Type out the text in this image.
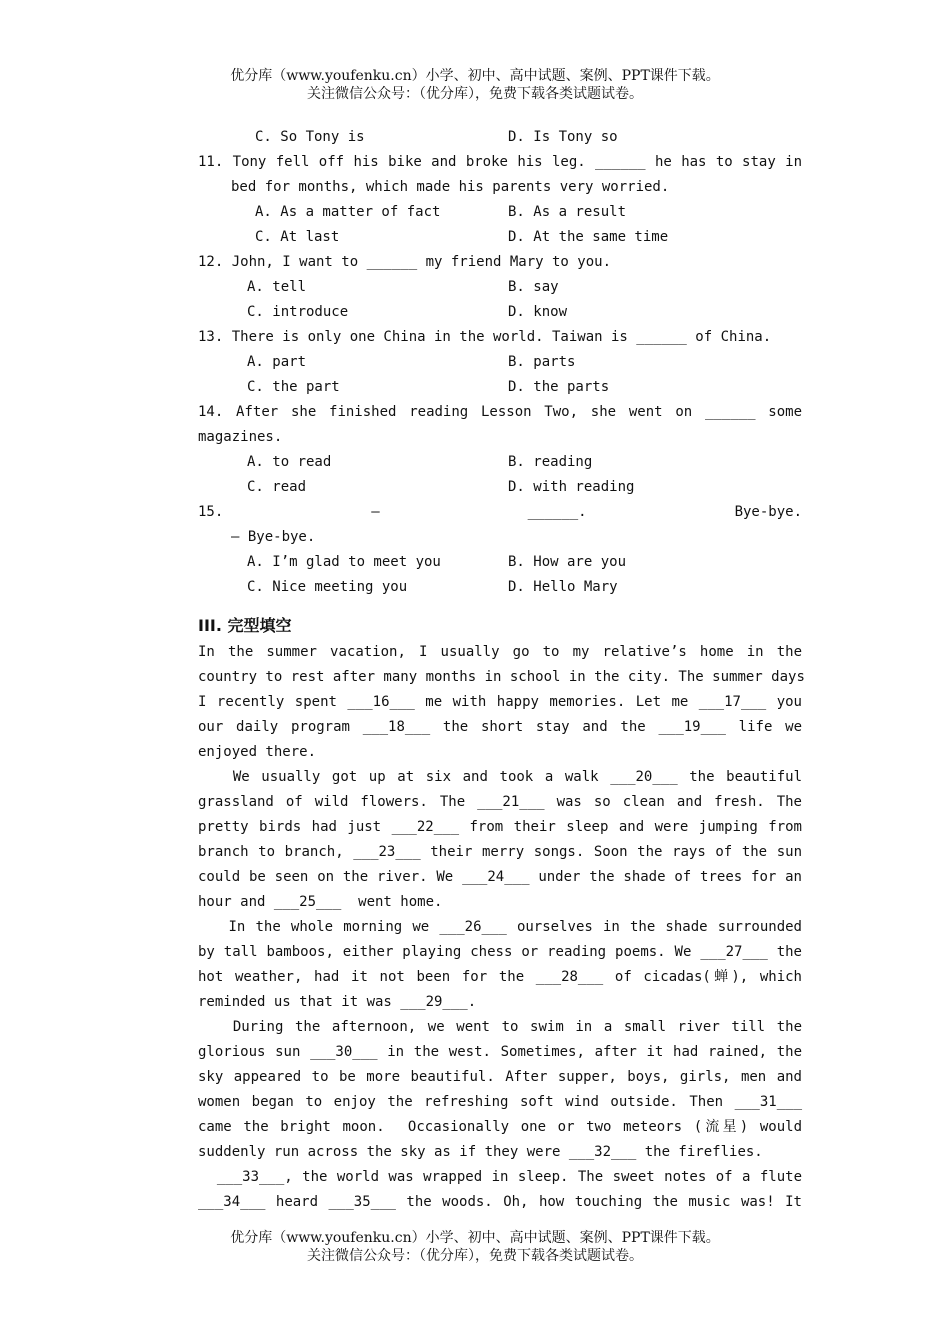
优分库（www.youfenku.cn）小学、初中、高中试题、案例、PPT课件下载。
关注微信公众号：（优分库），免费下载各类试题试卷。
C. So Tony is	D. Is Tony so
11. Tony fell off his bike and broke his leg. ______ he has to stay in
bed for months, which made his parents very worried.
A. As a matter of fact	B. As a result
C. At last	D. At the same time
12. John, I want to ______ my friend Mary to you.
A. tell	B. say
C. introduce	D. know
13. There is only one China in the world. Taiwan is ______ of China.
A. part	B. parts
C. the part	D. the parts
14. After she finished reading Lesson Two, she went on ______ some
magazines.
A. to read	B. reading
C. read	D. with reading
15. — ______. Bye-bye.
— Bye-bye.
A. I’m glad to meet you	B. How are you
C. Nice meeting you	D. Hello Mary
III. 完型填空
In the summer vacation, I usually go to my relative’s home in the
country to rest after many months in school in the city. The summer days
I recently spent ___16___ me with happy memories. Let me ___17___ you
our daily program ___18___ the short stay and the ___19___ life we
enjoyed there.
We usually got up at six and took a walk ___20___ the beautiful
grassland of wild flowers. The ___21___ was so clean and fresh. The
pretty birds had just ___22___ from their sleep and were jumping from
branch to branch, ___23___ their merry songs. Soon the rays of the sun
could be seen on the river. We ___24___ under the shade of trees for an
hour and ___25___  went home.
In the whole morning we ___26___ ourselves in the shade surrounded
by tall bamboos, either playing chess or reading poems. We ___27___ the
hot weather, had it not been for the ___28___ of cicadas(蝉), which
reminded us that it was ___29___.
During the afternoon, we went to swim in a small river till the
glorious sun ___30___ in the west. Sometimes, after it had rained, the
sky appeared to be more beautiful. After supper, boys, girls, men and
women began to enjoy the refreshing soft wind outside. Then ___31___
came the bright moon.  Occasionally one or two meteors (流星) would
suddenly run across the sky as if they were ___32___ the fireflies.
___33___, the world was wrapped in sleep. The sweet notes of a flute
___34___ heard ___35___ the woods. Oh, how touching the music was! It
优分库（www.youfenku.cn）小学、初中、高中试题、案例、PPT课件下载。
关注微信公众号：（优分库），免费下载各类试题试卷。
